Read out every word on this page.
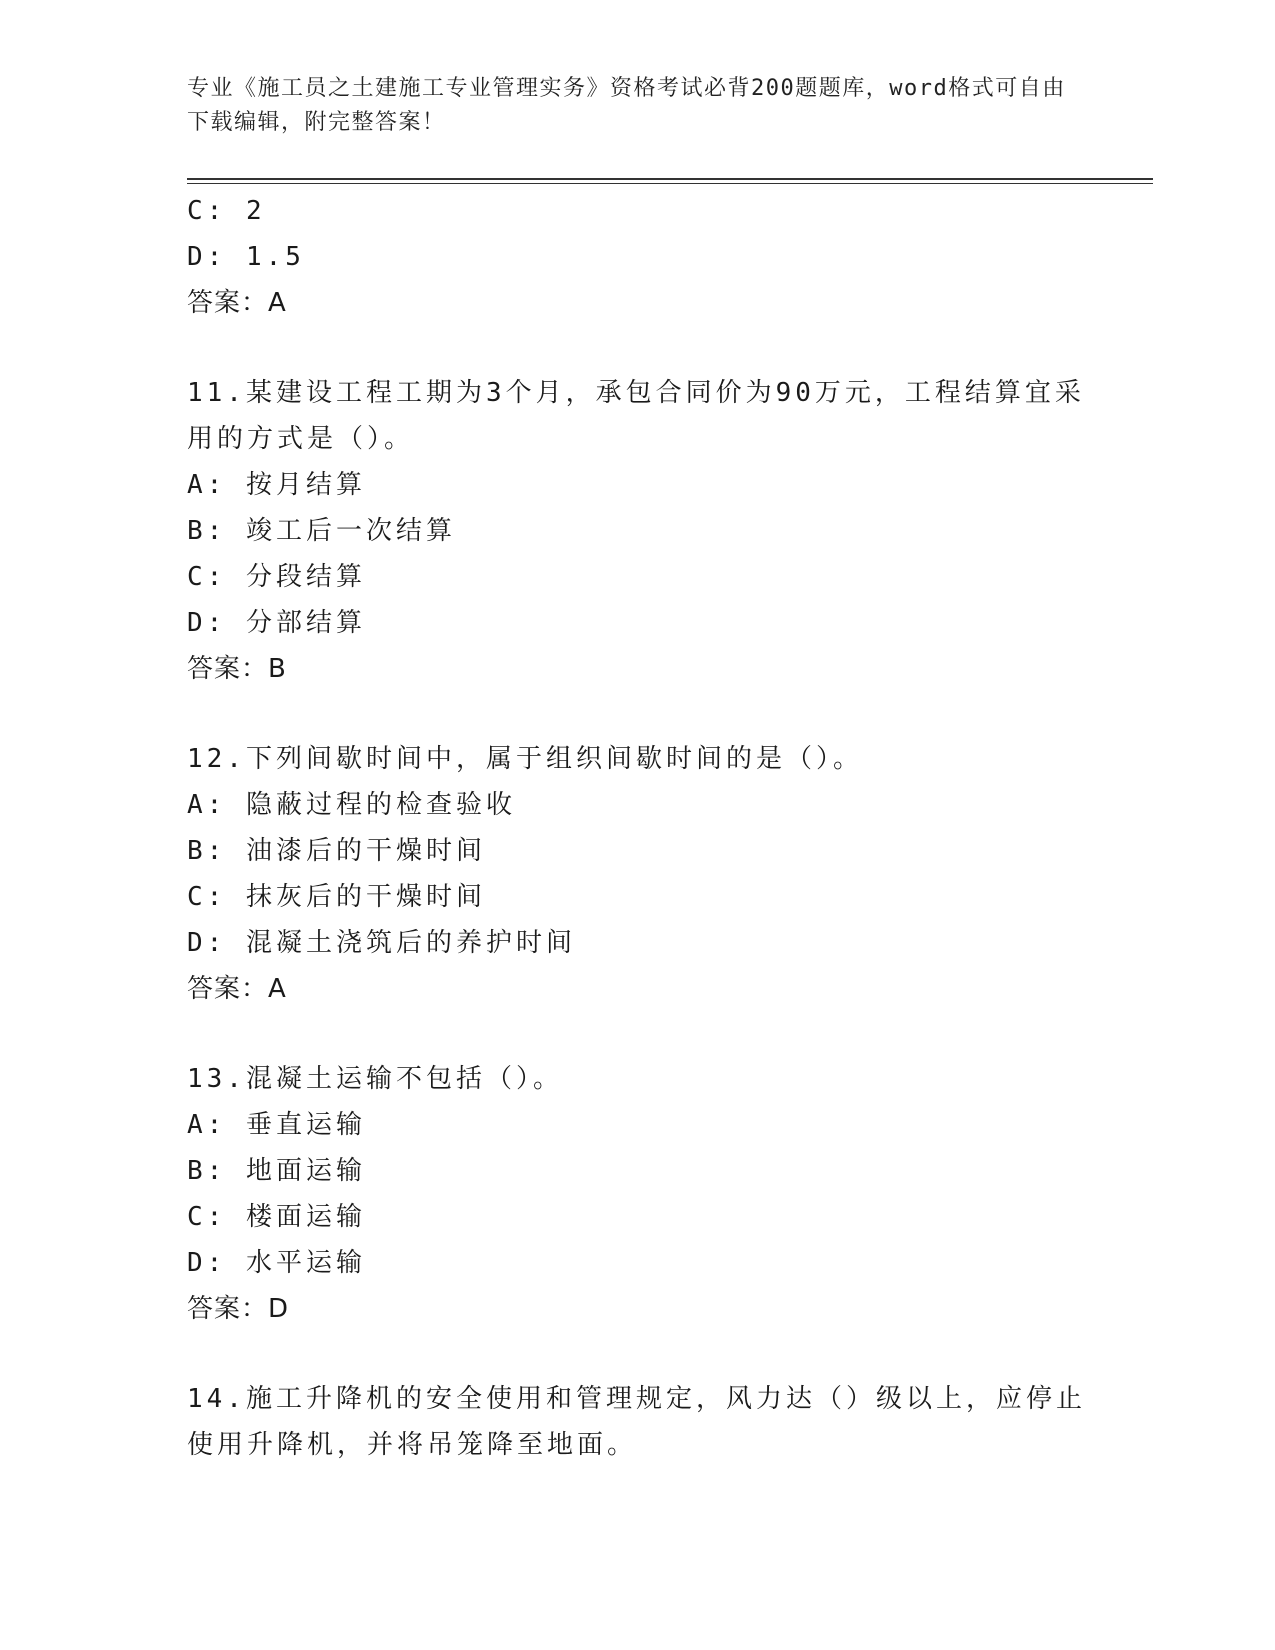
专业《施工员之土建施工专业管理实务》资格考试必背200题题库，word格式可自由下载编辑，附完整答案！
C: 2
D: 1.5
答案：A
11.某建设工程工期为3个月，承包合同价为90万元，工程结算宜采用的方式是（）。
A: 按月结算
B: 竣工后一次结算
C: 分段结算
D: 分部结算
答案：B
12.下列间歇时间中，属于组织间歇时间的是（）。
A: 隐蔽过程的检查验收
B: 油漆后的干燥时间
C: 抹灰后的干燥时间
D: 混凝土浇筑后的养护时间
答案：A
13.混凝土运输不包括（）。
A: 垂直运输
B: 地面运输
C: 楼面运输
D: 水平运输
答案：D
14.施工升降机的安全使用和管理规定，风力达（）级以上，应停止使用升降机，并将吊笼降至地面。
